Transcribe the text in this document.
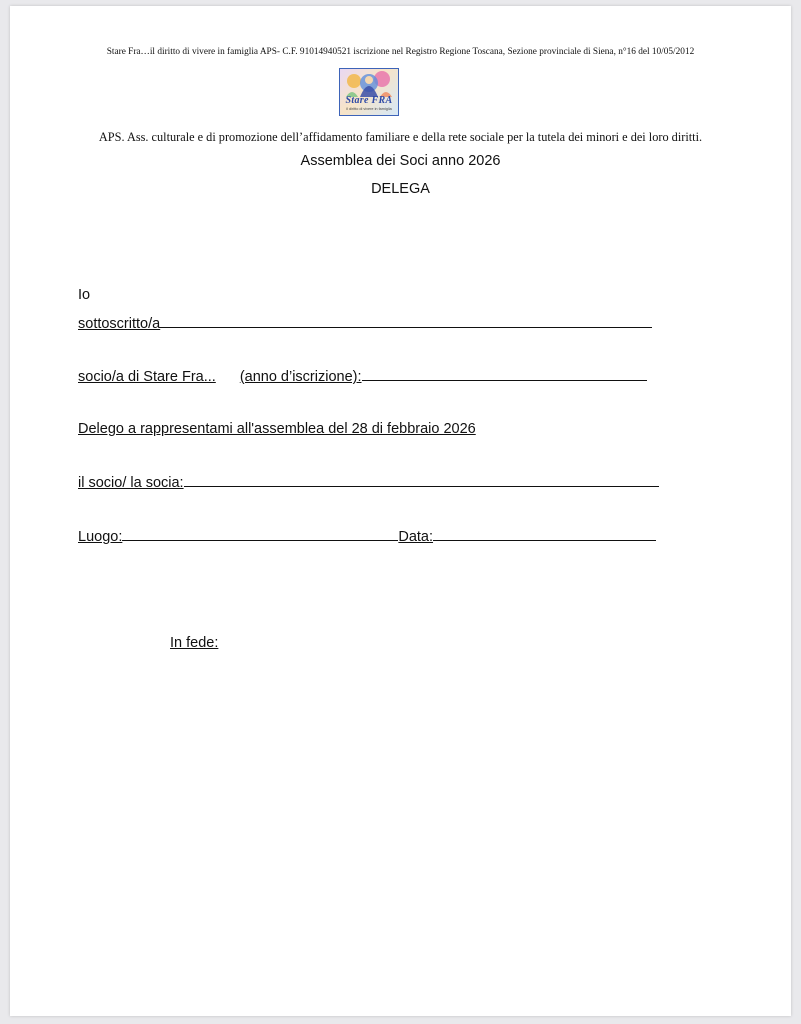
Stare Fra…il diritto di vivere in famiglia APS- C.F. 91014940521 iscrizione nel Registro Regione Toscana, Sezione provinciale di Siena, n°16 del 10/05/2012
Stare FRA
il diritto di vivere in famiglia
APS. Ass. culturale e di promozione dell’affidamento familiare e della rete sociale per la tutela dei minori e dei loro diritti.
Assemblea dei Soci anno 2026
DELEGA
Io
sottoscritto/a
socio/a di Stare Fra... (anno d’iscrizione):
Delego a rappresentami all'assemblea del 28 di febbraio 2026
il socio/ la socia:
Luogo:	Data:
In fede:
